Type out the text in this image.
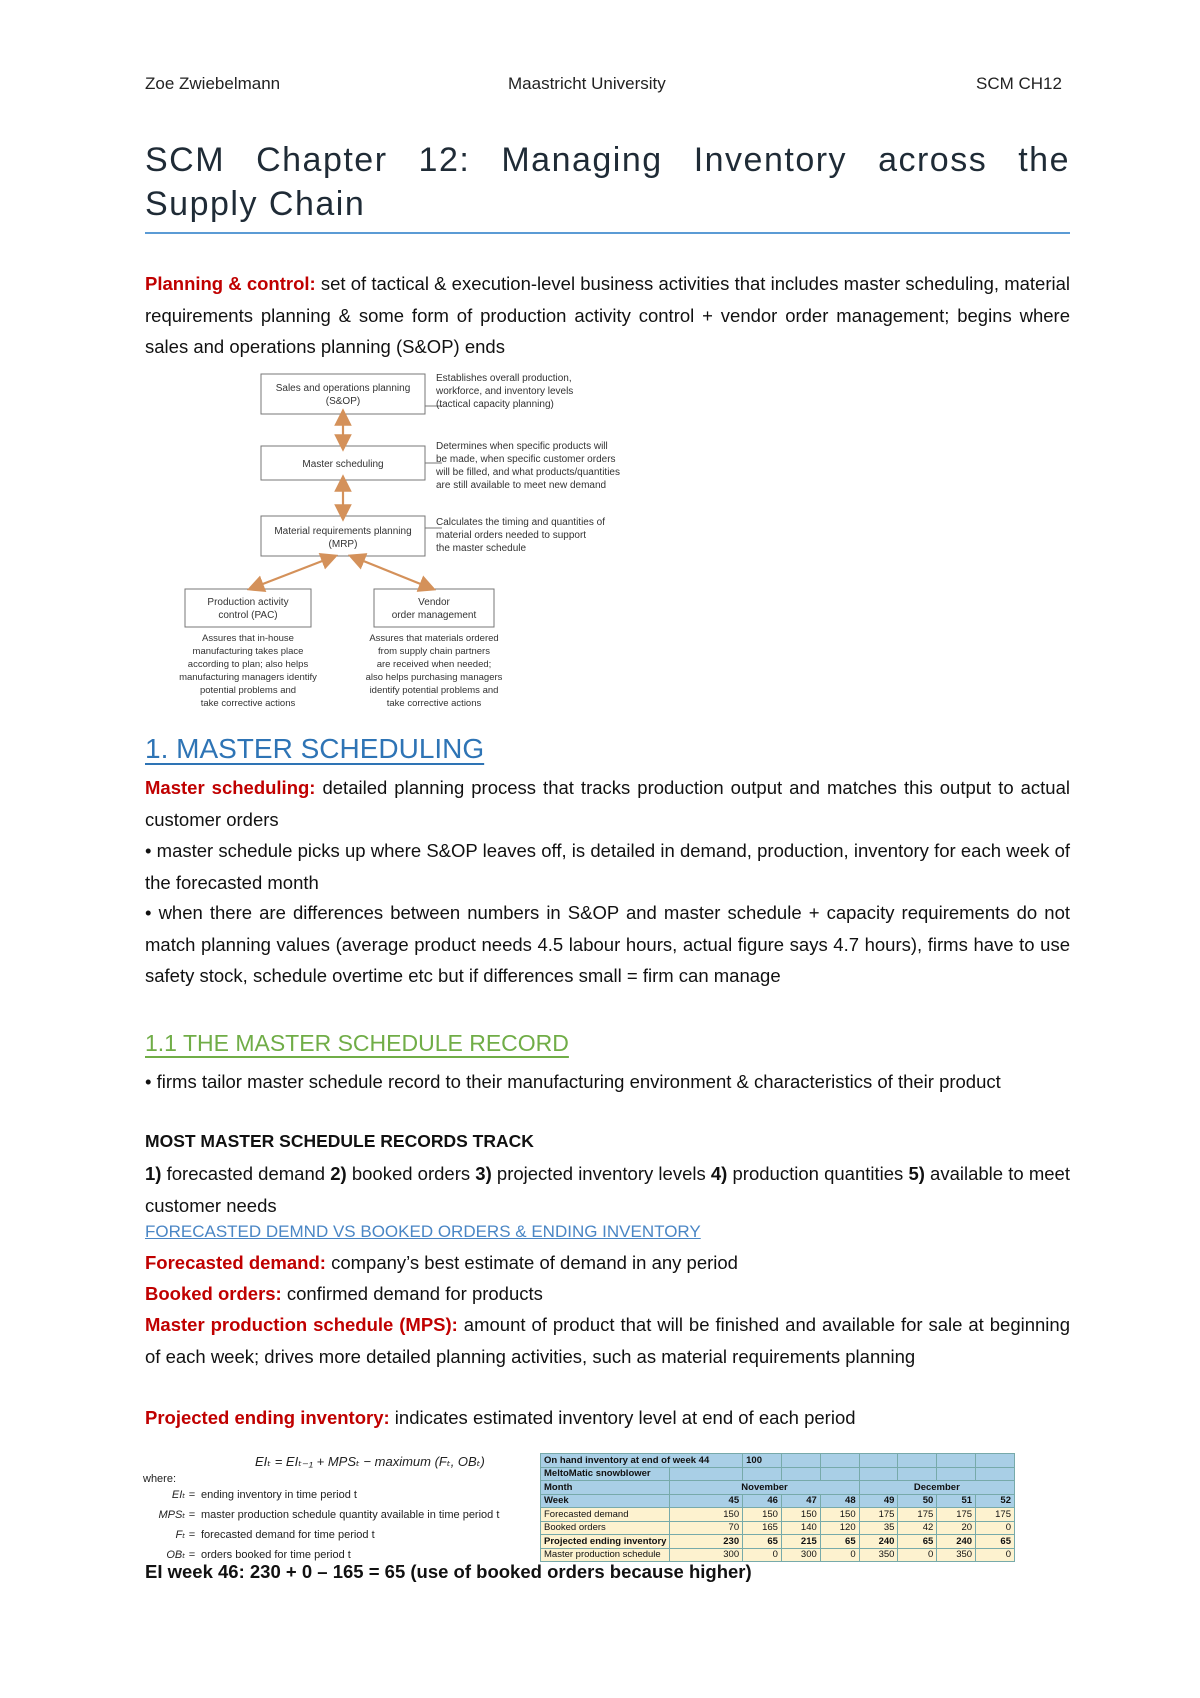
Zoe Zwiebelmann	Maastricht University	SCM CH12
SCM Chapter 12: Managing Inventory across the Supply Chain
Planning & control: set of tactical & execution-level business activities that includes master scheduling, material requirements planning & some form of production activity control + vendor order management; begins where sales and operations planning (S&OP) ends
Sales and operations planning
(S&OP)
Master scheduling
Material requirements planning
(MRP)
Production activity
control (PAC)
Vendor
order management
Establishes overall production,
workforce, and inventory levels
(tactical capacity planning)
Determines when specific products will
be made, when specific customer orders
will be filled, and what products/quantities
are still available to meet new demand
Calculates the timing and quantities of
material orders needed to support
the master schedule
Assures that in-house
manufacturing takes place
according to plan; also helps
manufacturing managers identify
potential problems and
take corrective actions
Assures that materials ordered
from supply chain partners
are received when needed;
also helps purchasing managers
identify potential problems and
take corrective actions
1. MASTER SCHEDULING
Master scheduling: detailed planning process that tracks production output and matches this output to actual customer orders
• master schedule picks up where S&OP leaves off, is detailed in demand, production, inventory for each week of the forecasted month
• when there are differences between numbers in S&OP and master schedule + capacity requirements do not match planning values (average product needs 4.5 labour hours, actual figure says 4.7 hours), firms have to use safety stock, schedule overtime etc but if differences small = firm can manage
1.1 THE MASTER SCHEDULE RECORD
• firms tailor master schedule record to their manufacturing environment & characteristics of their product
MOST MASTER SCHEDULE RECORDS TRACK
1) forecasted demand 2) booked orders 3) projected inventory levels 4) production quantities 5) available to meet customer needs
FORECASTED DEMND VS BOOKED ORDERS & ENDING INVENTORY
Forecasted demand: company’s best estimate of demand in any period
Booked orders: confirmed demand for products
Master production schedule (MPS): amount of product that will be finished and available for sale at beginning of each week; drives more detailed planning activities, such as material requirements planning
Projected ending inventory: indicates estimated inventory level at end of each period
EIₜ = EIₜ₋₁ + MPSₜ − maximum (Fₜ, OBₜ)
where:
EIₜ = ending inventory in time period t
MPSₜ = master production schedule quantity available in time period t
Fₜ = forecasted demand for time period t
OBₜ = orders booked for time period t
On hand inventory at end of week 44		100						
MeltoMatic snowblower								
Month	November				December			
Week	45	46	47	48	49	50	51	52
Forecasted demand	150	150	150	150	175	175	175	175
Booked orders	70	165	140	120	35	42	20	0
Projected ending inventory	230	65	215	65	240	65	240	65
Master production schedule	300	0	300	0	350	0	350	0
EI week 46: 230 + 0 – 165 = 65 (use of booked orders because higher)
